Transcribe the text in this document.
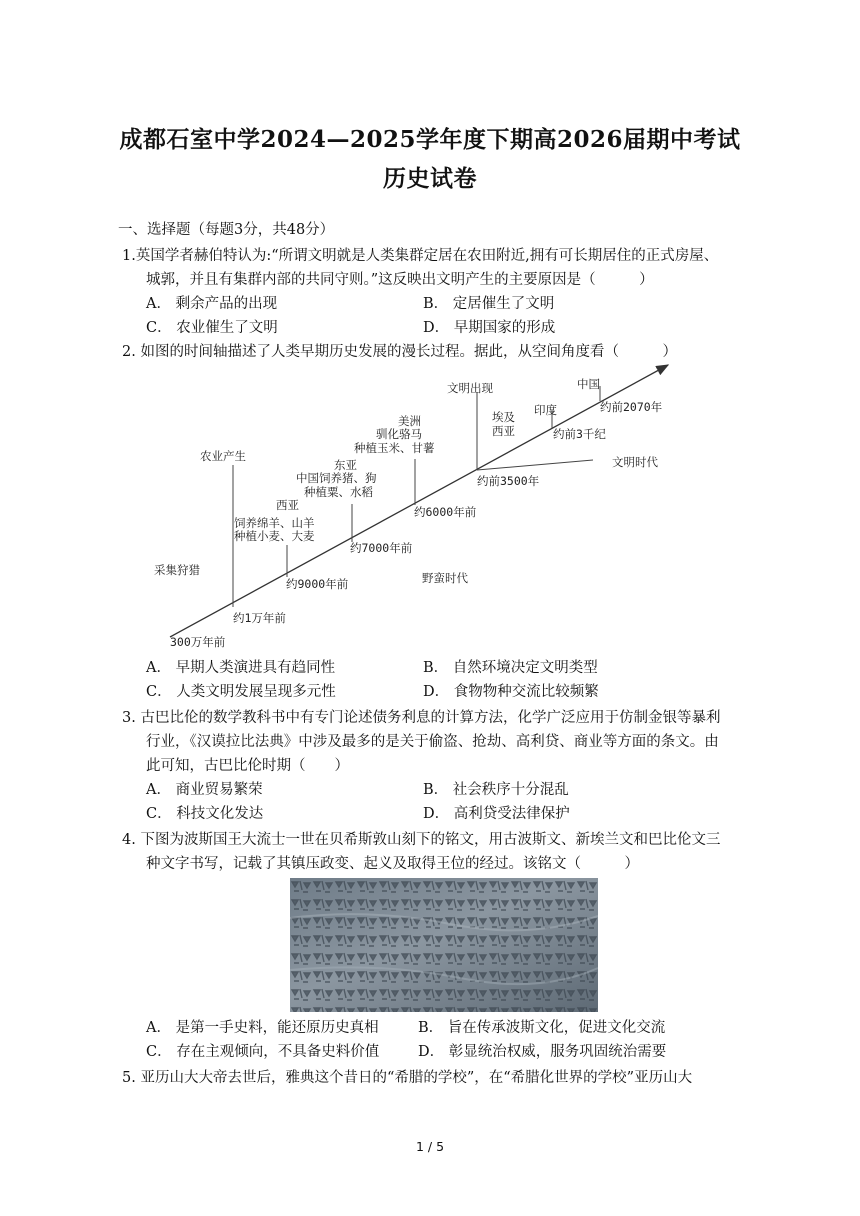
成都石室中学2024—2025学年度下期高2026届期中考试
历史试卷
一、选择题（每题3分，共48分）
1.英国学者赫伯特认为:“所谓文明就是人类集群定居在农田附近,拥有可长期居住的正式房屋、
城郭，并且有集群内部的共同守则。”这反映出文明产生的主要原因是（　　　）
A． 剩余产品的出现	B． 定居催生了文明
C． 农业催生了文明	D． 早期国家的形成
2. 如图的时间轴描述了人类早期历史发展的漫长过程。据此，从空间角度看（　　　）
文明出现	中国
约前2070年
印度
埃及
西亚	约前3千纪
文明时代
约前3500年
美洲
驯化骆马
种植玉米、甘薯
农业产生
东亚
中国饲养猪、狗
种植粟、水稻
西亚
饲养绵羊、山羊
种植小麦、大麦
约6000年前
约7000年前
约9000年前
采集狩猎
野蛮时代
约1万年前
300万年前
A． 早期人类演进具有趋同性	B． 自然环境决定文明类型
C． 人类文明发展呈现多元性	D． 食物物种交流比较频繁
3. 古巴比伦的数学教科书中有专门论述债务利息的计算方法，化学广泛应用于仿制金银等暴利
行业，《汉谟拉比法典》中涉及最多的是关于偷盗、抢劫、高利贷、商业等方面的条文。由
此可知，古巴比伦时期（　　）
A． 商业贸易繁荣	B． 社会秩序十分混乱
C． 科技文化发达	D． 高利贷受法律保护
4. 下图为波斯国王大流士一世在贝希斯敦山刻下的铭文，用古波斯文、新埃兰文和巴比伦文三
种文字书写，记载了其镇压政变、起义及取得王位的经过。该铭文（　　　）
A． 是第一手史料，能还原历史真相	B． 旨在传承波斯文化，促进文化交流
C． 存在主观倾向，不具备史料价值	D． 彰显统治权威，服务巩固统治需要
5. 亚历山大大帝去世后，雅典这个昔日的“希腊的学校”，在“希腊化世界的学校”亚历山大
1 / 5
